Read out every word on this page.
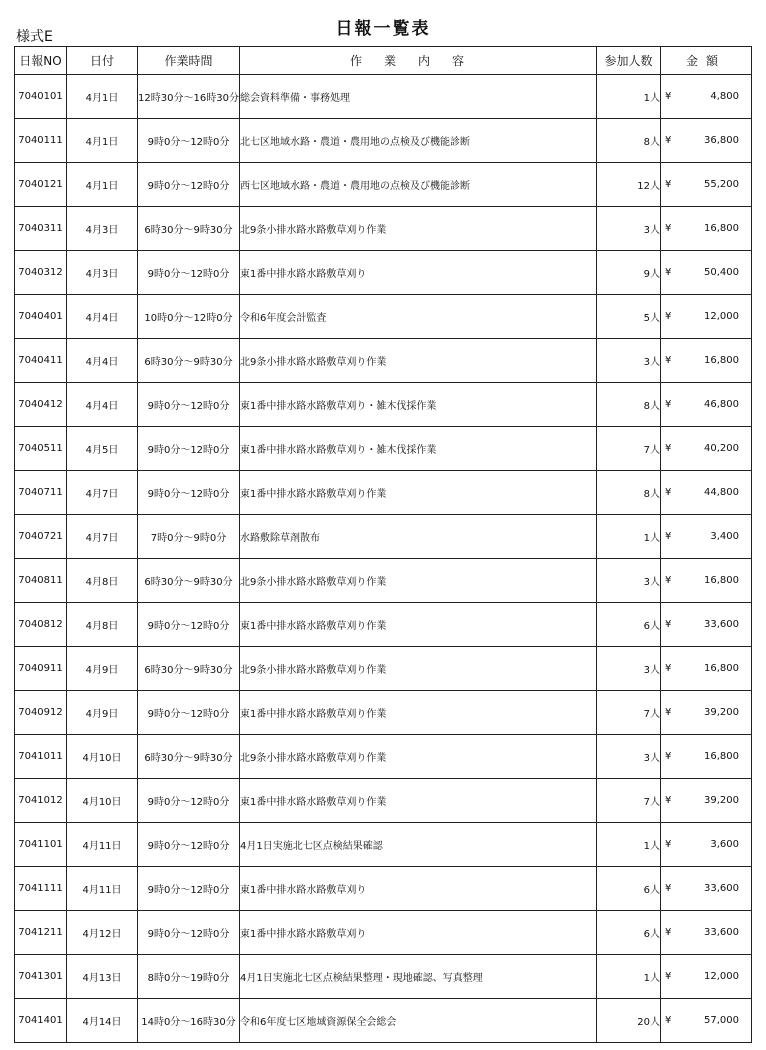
様式E	日報一覧表
日報NO	日付	作業時間	作業内容	参加人数	金額
7040101	4月1日	12時30分～16時30分	総会資料準備・事務処理	1人	¥ 4,800

7040111	4月1日	9時0分～12時0分	北七区地域水路・農道・農用地の点検及び機能診断	8人	¥ 36,800

7040121	4月1日	9時0分～12時0分	西七区地域水路・農道・農用地の点検及び機能診断	12人	¥ 55,200

7040311	4月3日	6時30分～9時30分	北9条小排水路水路敷草刈り作業	3人	¥ 16,800

7040312	4月3日	9時0分～12時0分	東1番中排水路水路敷草刈り	9人	¥ 50,400

7040401	4月4日	10時0分～12時0分	令和6年度会計監査	5人	¥ 12,000

7040411	4月4日	6時30分～9時30分	北9条小排水路水路敷草刈り作業	3人	¥ 16,800

7040412	4月4日	9時0分～12時0分	東1番中排水路水路敷草刈り・雑木伐採作業	8人	¥ 46,800

7040511	4月5日	9時0分～12時0分	東1番中排水路水路敷草刈り・雑木伐採作業	7人	¥ 40,200

7040711	4月7日	9時0分～12時0分	東1番中排水路水路敷草刈り作業	8人	¥ 44,800

7040721	4月7日	7時0分～9時0分	水路敷除草剤散布	1人	¥ 3,400

7040811	4月8日	6時30分～9時30分	北9条小排水路水路敷草刈り作業	3人	¥ 16,800

7040812	4月8日	9時0分～12時0分	東1番中排水路水路敷草刈り作業	6人	¥ 33,600

7040911	4月9日	6時30分～9時30分	北9条小排水路水路敷草刈り作業	3人	¥ 16,800

7040912	4月9日	9時0分～12時0分	東1番中排水路水路敷草刈り作業	7人	¥ 39,200

7041011	4月10日	6時30分～9時30分	北9条小排水路水路敷草刈り作業	3人	¥ 16,800

7041012	4月10日	9時0分～12時0分	東1番中排水路水路敷草刈り作業	7人	¥ 39,200

7041101	4月11日	9時0分～12時0分	4月1日実施北七区点検結果確認	1人	¥ 3,600

7041111	4月11日	9時0分～12時0分	東1番中排水路水路敷草刈り	6人	¥ 33,600

7041211	4月12日	9時0分～12時0分	東1番中排水路水路敷草刈り	6人	¥ 33,600

7041301	4月13日	8時0分～19時0分	4月1日実施北七区点検結果整理・現地確認、写真整理	1人	¥ 12,000

7041401	4月14日	14時0分～16時30分	令和6年度七区地域資源保全会総会	20人	¥ 57,000
